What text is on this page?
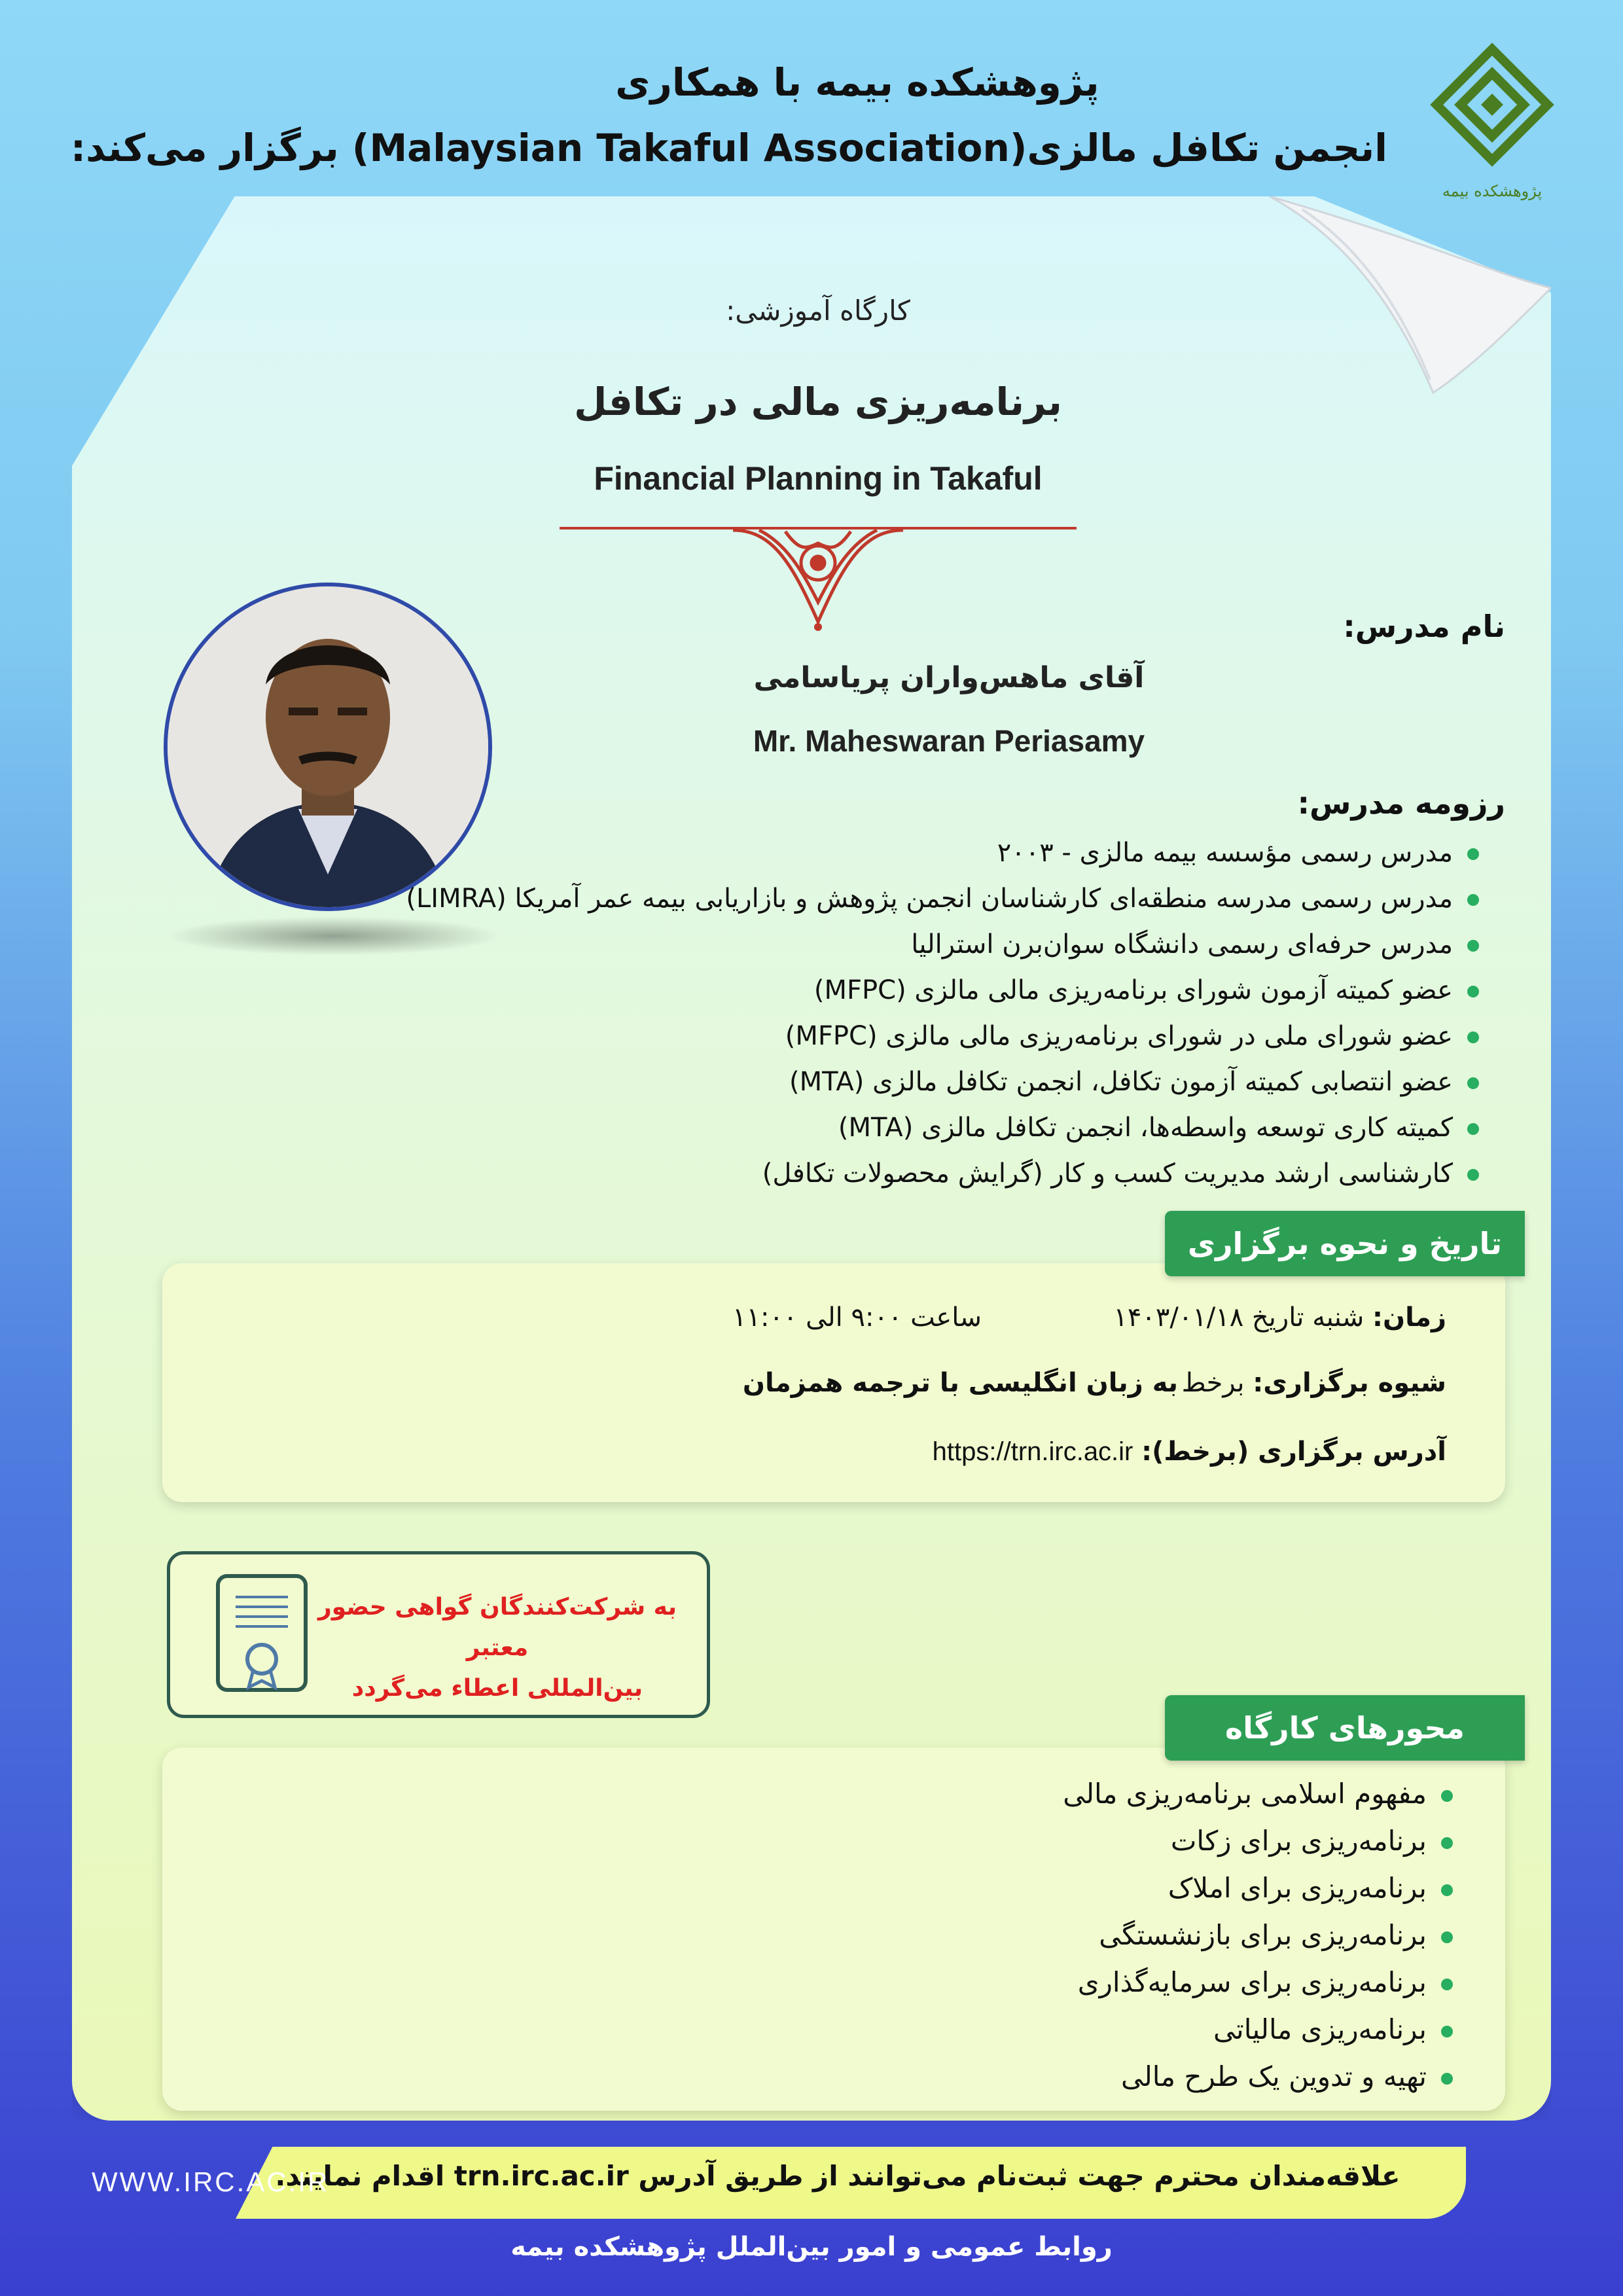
پژوهشکده بیمه با همکاری
انجمن تکافل مالزی(Malaysian Takaful Association) برگزار می‌کند:
پژوهشکده بیمه
کارگاه آموزشی:
برنامه‌ریزی مالی در تکافل
Financial Planning in Takaful
نام مدرس:
آقای ماهس‌واران پریاسامی
Mr. Maheswaran Periasamy
رزومه مدرس:
مدرس رسمی مؤسسه بیمه مالزی - ۲۰۰۳
مدرس رسمی مدرسه منطقه‌ای کارشناسان انجمن پژوهش و بازاریابی بیمه عمر آمریکا (LIMRA)
مدرس حرفه‌ای رسمی دانشگاه سوان‌برن استرالیا
عضو کمیته آزمون شورای برنامه‌ریزی مالی مالزی (MFPC)
عضو شورای ملی در شورای برنامه‌ریزی مالی مالزی (MFPC)
عضو انتصابی کمیته آزمون تکافل، انجمن تکافل مالزی (MTA)
کمیته کاری توسعه واسطه‌ها، انجمن تکافل مالزی (MTA)
کارشناسی ارشد مدیریت کسب و کار (گرایش محصولات تکافل)
تاریخ و نحوه برگزاری
زمان: شنبه تاریخ ۱۴۰۳/۰۱/۱۸
ساعت ۹:۰۰ الی ۱۱:۰۰
شیوه برگزاری: برخط
به زبان انگلیسی با ترجمه همزمان
آدرس برگزاری (برخط): https://trn.irc.ac.ir
به شرکت‌کنندگان گواهی حضور معتبر
بین‌المللی اعطاء می‌گردد
محورهای کارگاه
مفهوم اسلامی برنامه‌ریزی مالی
برنامه‌ریزی برای زکات
برنامه‌ریزی برای املاک
برنامه‌ریزی برای بازنشستگی
برنامه‌ریزی برای سرمایه‌گذاری
برنامه‌ریزی مالیاتی
تهیه و تدوین یک طرح مالی
علاقه‌مندان محترم جهت ثبت‌نام می‌توانند از طریق آدرس trn.irc.ac.ir اقدام نمایند.
WWW.IRC.AC.IR
روابط عمومی و امور بین‌الملل پژوهشکده بیمه
